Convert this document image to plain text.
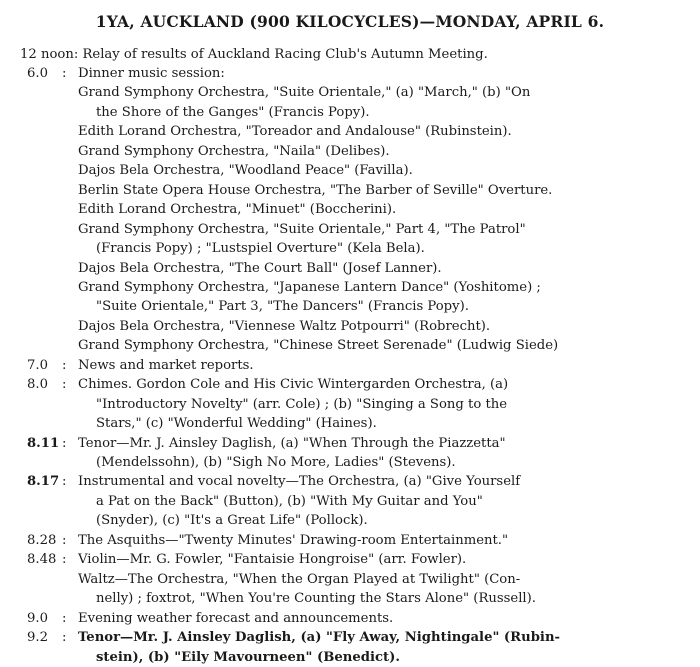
1YA, AUCKLAND (900 KILOCYCLES)—MONDAY, APRIL 6.
12 noon: Relay of results of Auckland Racing Club's Autumn Meeting.
6.0 : Dinner music session:
Grand Symphony Orchestra, "Suite Orientale," (a) "March," (b) "On
the Shore of the Ganges" (Francis Popy).
Edith Lorand Orchestra, "Toreador and Andalouse" (Rubinstein).
Grand Symphony Orchestra, "Naila" (Delibes).
Dajos Bela Orchestra, "Woodland Peace" (Favilla).
Berlin State Opera House Orchestra, "The Barber of Seville" Overture.
Edith Lorand Orchestra, "Minuet" (Boccherini).
Grand Symphony Orchestra, "Suite Orientale," Part 4, "The Patrol"
(Francis Popy) ; "Lustspiel Overture" (Kela Bela).
Dajos Bela Orchestra, "The Court Ball" (Josef Lanner).
Grand Symphony Orchestra, "Japanese Lantern Dance" (Yoshitome) ;
"Suite Orientale," Part 3, "The Dancers" (Francis Popy).
Dajos Bela Orchestra, "Viennese Waltz Potpourri" (Robrecht).
Grand Symphony Orchestra, "Chinese Street Serenade" (Ludwig Siede)
7.0 : News and market reports.
8.0 : Chimes. Gordon Cole and His Civic Wintergarden Orchestra, (a)
"Introductory Novelty" (arr. Cole) ; (b) "Singing a Song to the
Stars," (c) "Wonderful Wedding" (Haines).
8.11 : Tenor—Mr. J. Ainsley Daglish, (a) "When Through the Piazzetta"
(Mendelssohn), (b) "Sigh No More, Ladies" (Stevens).
8.17 : Instrumental and vocal novelty—The Orchestra, (a) "Give Yourself
a Pat on the Back" (Button), (b) "With My Guitar and You"
(Snyder), (c) "It's a Great Life" (Pollock).
8.28 : The Asquiths—"Twenty Minutes' Drawing-room Entertainment."
8.48 : Violin—Mr. G. Fowler, "Fantaisie Hongroise" (arr. Fowler).
Waltz—The Orchestra, "When the Organ Played at Twilight" (Con-
nelly) ; foxtrot, "When You're Counting the Stars Alone" (Russell).
9.0 : Evening weather forecast and announcements.
9.2 : Tenor—Mr. J. Ainsley Daglish, (a) "Fly Away, Nightingale" (Rubin-
stein), (b) "Eily Mavourneen" (Benedict).
